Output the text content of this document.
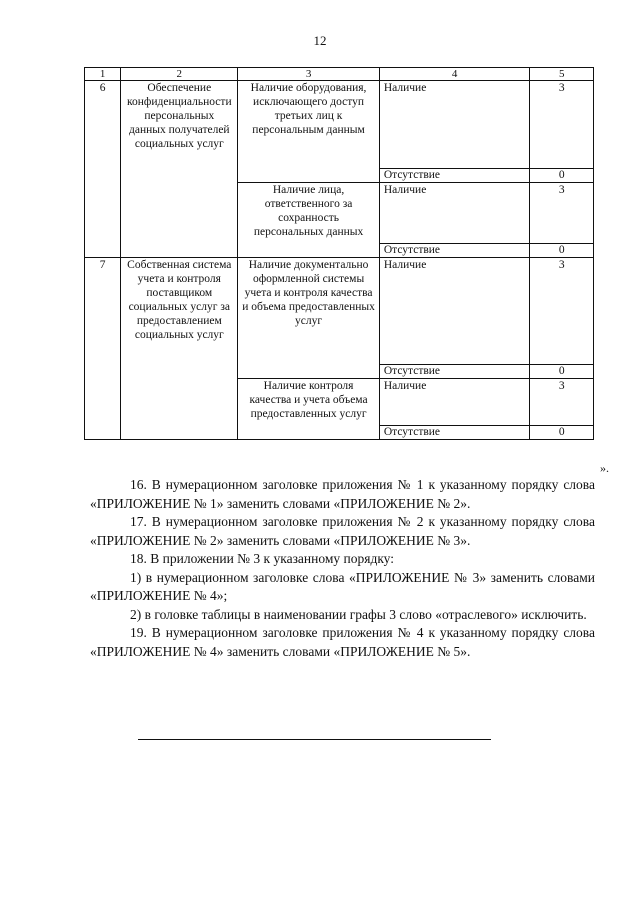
12
1	2	3	4	5
6	Обеспечение конфиденциальности персональных данных получателей социальных услуг	Наличие оборудования, исключающего доступ третьих лиц к персональным данным	Наличие	3
			Отсутствие	0
		Наличие лица, ответственного за сохранность персональных данных	Наличие	3
			Отсутствие	0
7	Собственная система учета и контроля поставщиком социальных услуг за предоставлением социальных услуг	Наличие документально оформленной системы учета и контроля качества и объема предоставленных услуг	Наличие	3
			Отсутствие	0
		Наличие контроля качества и учета объема предоставленных услуг	Наличие	3
			Отсутствие	0
».

16. В нумерационном заголовке приложения № 1 к указанному порядку слова «ПРИЛОЖЕНИЕ № 1» заменить словами «ПРИЛОЖЕНИЕ № 2».

17. В нумерационном заголовке приложения № 2 к указанному порядку слова «ПРИЛОЖЕНИЕ № 2» заменить словами «ПРИЛОЖЕНИЕ № 3».

18. В приложении № 3 к указанному порядку:

1) в нумерационном заголовке слова «ПРИЛОЖЕНИЕ № 3» заменить словами «ПРИЛОЖЕНИЕ № 4»;

2) в головке таблицы в наименовании графы 3 слово «отраслевого» исключить.

19. В нумерационном заголовке приложения № 4 к указанному порядку слова «ПРИЛОЖЕНИЕ № 4» заменить словами «ПРИЛОЖЕНИЕ № 5».
